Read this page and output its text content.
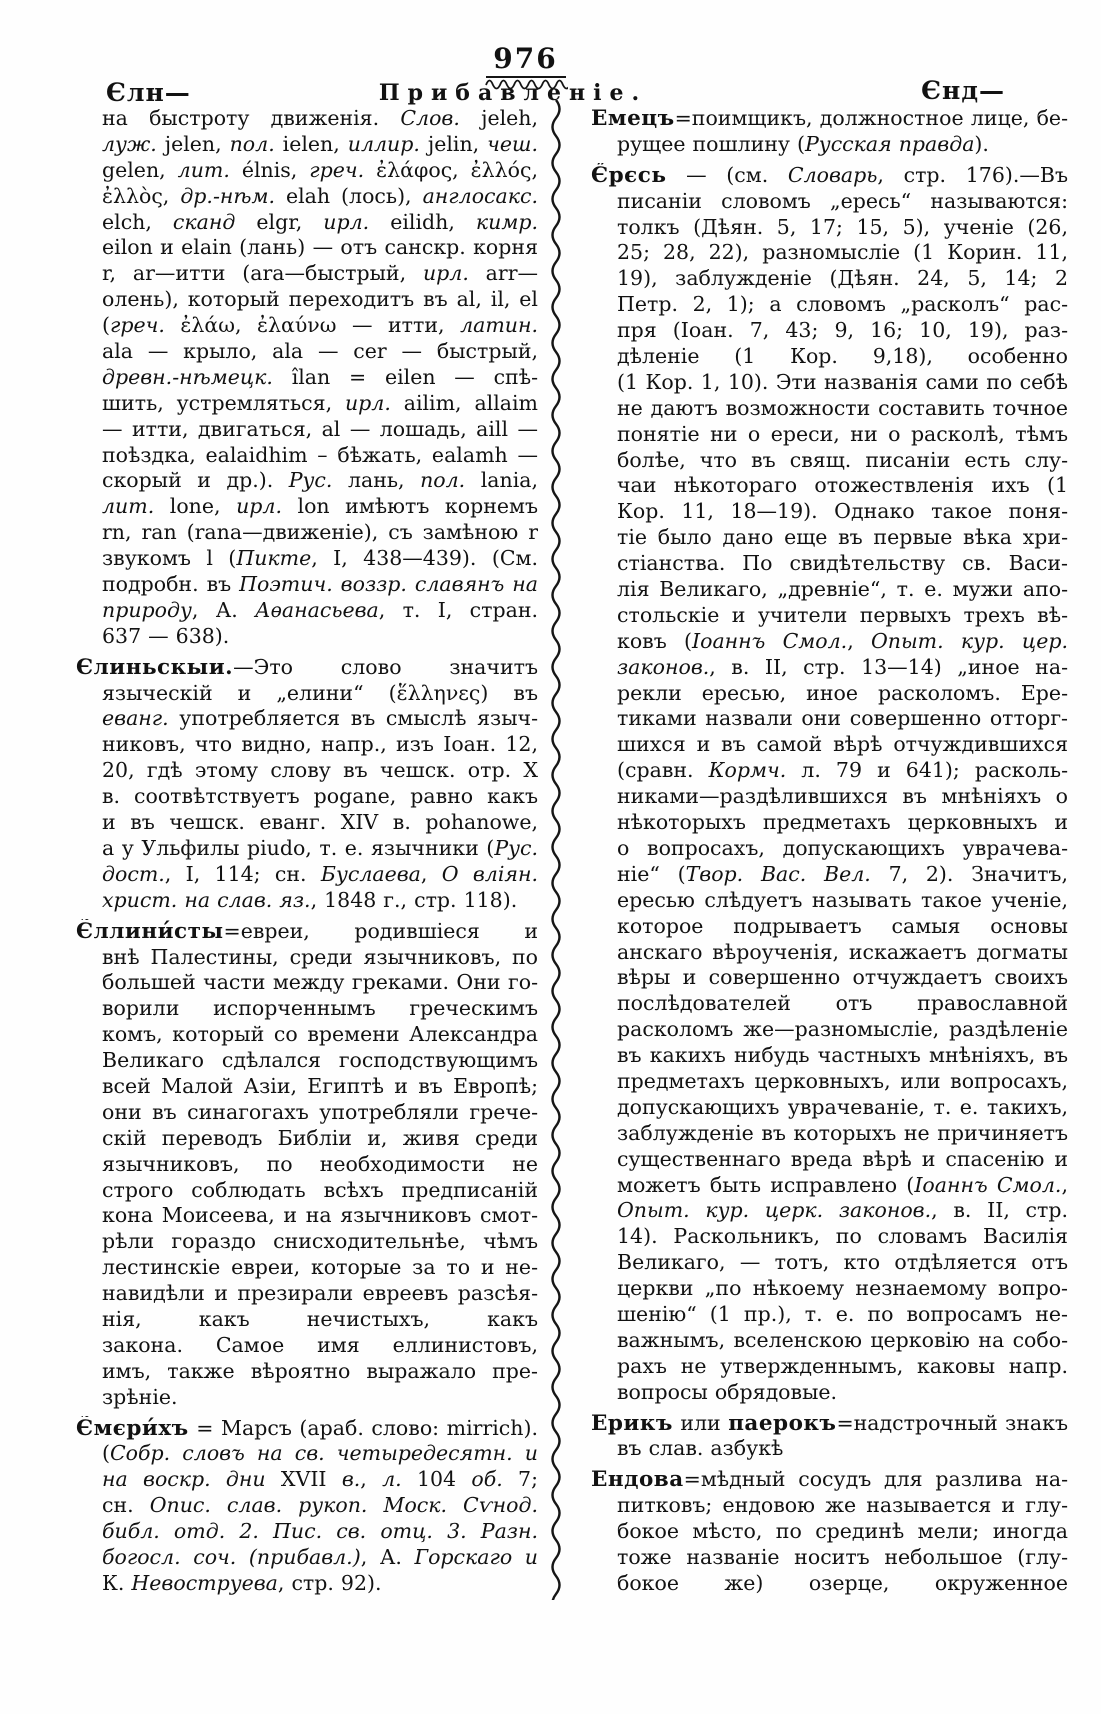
976
Єлн—	Прибавленіе.	Єнд—
на быстроту движенія. Слов. jeleh,
луж. jelen, пол. ielen, иллир. jelin, чеш.
gelen, лит. élnis, греч. ἐλάφος, ἐλλός,
ἐλλὸς, др.-нѣм. elah (лось), англосакс.
elch, сканд elgr, ирл. eilidh, кимр.
eilon и elain (лань) — отъ санскр. корня
r, ar—итти (ara—быстрый, ирл. arr—
олень), который переходитъ въ al, il, el
(греч. ἐλάω, ἐλαύνω — итти, латин.
ala — крыло, ala — cer — быстрый,
древн.-нѣмецк. îlan = eilen — спѣ-
шить, устремляться, ирл. ailim, allaim
— итти, двигаться, al — лошадь, aill —
поѣздка, ealaidhim – бѣжать, ealamh —
скорый и др.). Рус. лань, пол. lania,
лит. lone, ирл. lon имѣютъ корнемъ
rn, ran (rana—движеніе), съ замѣною r
звукомъ l (Пикте, I, 438—439). (См.
подробн. въ Поэтич. воззр. славянъ на
природу, А. Аѳанасьева, т. I, стран.
637 — 638).
Єлиньскыи.—Это слово значитъ
языческій и „елини“ (ἕλληνες) въ
еванг. употребляется въ смыслѣ языч-
никовъ, что видно, напр., изъ Іоан. 12,
20, гдѣ этому слову въ чешск. отр. X
в. соотвѣтствуетъ pogane, равно какъ
и въ чешск. еванг. XIV в. pohanowe,
а у Ульфилы piudo, т. е. язычники (Рус.
дост., I, 114; сн. Буслаева, О вліян.
христ. на слав. яз., 1848 г., стр. 118).
Є̃ллини́сты=евреи, родившіеся и
внѣ Палестины, среди язычниковъ, по
большей части между греками. Они го-
ворили испорченнымъ греческимъ
комъ, который со времени Александра
Великаго сдѣлался господствующимъ
всей Малой Азіи, Египтѣ и въ Европѣ;
они въ синагогахъ употребляли грече-
скій переводъ Библіи и, живя среди
язычниковъ, по необходимости не
строго соблюдать всѣхъ предписаній
кона Моисеева, и на язычниковъ смот-
рѣли гораздо снисходительнѣе, чѣмъ
лестинскіе евреи, которые за то и не-
навидѣли и презирали евреевъ разсѣя-
нія, какъ нечистыхъ, какъ
закона. Самое имя еллинистовъ,
имъ, также вѣроятно выражало пре-
зрѣніе.
Є̃мєри́хъ = Марсъ (араб. слово: mirrich).
(Собр. словъ на св. четыредесятн. и
на воскр. дни XVII в., л. 104 об. 7;
сн. Опис. слав. рукоп. Моск. Сѵнод.
библ. отд. 2. Пис. св. отц. 3. Разн.
богосл. соч. (прибавл.), А. Горскаго и
К. Невоструева, стр. 92).
Емецъ=поимщикъ, должностное лице, бе-
рущее пошлину (Русская правда).
Є̋рєсь — (см. Словарь, стр. 176).—Въ
писаніи словомъ „ересь“ называются:
толкъ (Дѣян. 5, 17; 15, 5), ученіе (26,
25; 28, 22), разномысліе (1 Корин. 11,
19), заблужденіе (Дѣян. 24, 5, 14; 2
Петр. 2, 1); а словомъ „расколъ“ рас-
пря (Іоан. 7, 43; 9, 16; 10, 19), раз-
дѣленіе (1 Кор. 9,18), особенно
(1 Кор. 1, 10). Эти названія сами по себѣ
не даютъ возможности составить точное
понятіе ни о ереси, ни о расколѣ, тѣмъ
болѣе, что въ свящ. писаніи есть слу-
чаи нѣкотораго отожествленія ихъ (1
Кор. 11, 18—19). Однако такое поня-
тіе было дано еще въ первые вѣка хри-
стіанства. По свидѣтельству св. Васи-
лія Великаго, „древніе“, т. е. мужи апо-
стольскіе и учители первыхъ трехъ вѣ-
ковъ (Іоаннъ Смол., Опыт. кур. цер.
законов., в. II, стр. 13—14) „иное на-
рекли ересью, иное расколомъ. Ере-
тиками назвали они совершенно отторг-
шихся и въ самой вѣрѣ отчуждившихся
(сравн. Кормч. л. 79 и 641); расколь-
никами—раздѣлившихся въ мнѣніяхъ о
нѣкоторыхъ предметахъ церковныхъ и
о вопросахъ, допускающихъ уврачева-
ніе“ (Твор. Вас. Вел. 7, 2). Значитъ,
ересью слѣдуетъ называть такое ученіе,
которое подрываетъ самыя основы
анскаго вѣроученія, искажаетъ догматы
вѣры и совершенно отчуждаетъ своихъ
послѣдователей отъ православной
расколомъ же—разномысліе, раздѣленіе
въ какихъ нибудь частныхъ мнѣніяхъ, въ
предметахъ церковныхъ, или вопросахъ,
допускающихъ уврачеваніе, т. е. такихъ,
заблужденіе въ которыхъ не причиняетъ
существеннаго вреда вѣрѣ и спасенію и
можетъ быть исправлено (Іоаннъ Смол.,
Опыт. кур. церк. законов., в. II, стр.
14). Раскольникъ, по словамъ Василія
Великаго, — тотъ, кто отдѣляется отъ
церкви „по нѣкоему незнаемому вопро-
шенію“ (1 пр.), т. е. по вопросамъ не-
важнымъ, вселенскою церковію на собо-
рахъ не утвержденнымъ, каковы напр.
вопросы обрядовые.
Ерикъ или паерокъ=надстрочный знакъ
въ слав. азбукѣ
Ендова=мѣдный сосудъ для разлива на-
питковъ; ендовою же называется и глу-
бокое мѣсто, по срединѣ мели; иногда
тоже названіе носитъ небольшое (глу-
бокое же) озерце, окруженное
